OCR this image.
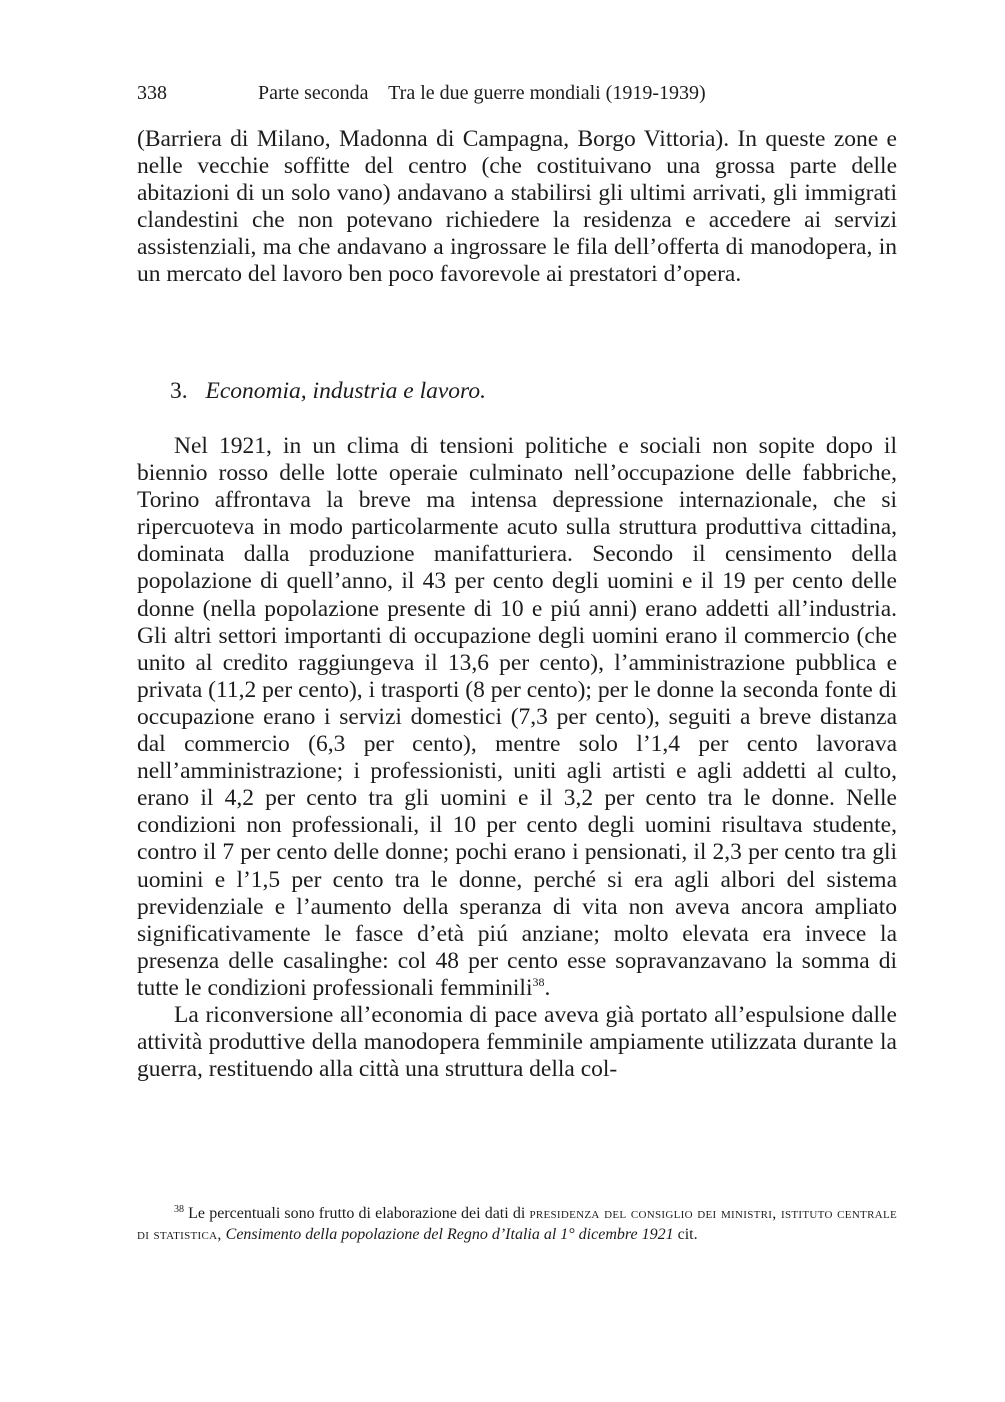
338	Parte seconda    Tra le due guerre mondiali (1919-1939)

(Barriera di Milano, Madonna di Campagna, Borgo Vittoria). In queste zone e nelle vecchie soffitte del centro (che costituivano una grossa parte delle abitazioni di un solo vano) andavano a stabilirsi gli ultimi arrivati, gli immigrati clandestini che non potevano richiedere la residenza e accedere ai servizi assistenziali, ma che andavano a ingrossare le fila dell’offerta di manodopera, in un mercato del lavoro ben poco favorevole ai prestatori d’opera.

3. Economia, industria e lavoro.

Nel 1921, in un clima di tensioni politiche e sociali non sopite dopo il biennio rosso delle lotte operaie culminato nell’occupazione delle fabbriche, Torino affrontava la breve ma intensa depressione internazionale, che si ripercuoteva in modo particolarmente acuto sulla struttura produttiva cittadina, dominata dalla produzione manifatturiera. Secondo il censimento della popolazione di quell’anno, il 43 per cento degli uomini e il 19 per cento delle donne (nella popolazione presente di 10 e piú anni) erano addetti all’industria. Gli altri settori importanti di occupazione degli uomini erano il commercio (che unito al credito raggiungeva il 13,6 per cento), l’amministrazione pubblica e privata (11,2 per cento), i trasporti (8 per cento); per le donne la seconda fonte di occupazione erano i servizi domestici (7,3 per cento), seguiti a breve distanza dal commercio (6,3 per cento), mentre solo l’1,4 per cento lavorava nell’amministrazione; i professionisti, uniti agli artisti e agli addetti al culto, erano il 4,2 per cento tra gli uomini e il 3,2 per cento tra le donne. Nelle condizioni non professionali, il 10 per cento degli uomini risultava studente, contro il 7 per cento delle donne; pochi erano i pensionati, il 2,3 per cento tra gli uomini e l’1,5 per cento tra le donne, perché si era agli albori del sistema previdenziale e l’aumento della speranza di vita non aveva ancora ampliato significativamente le fasce d’età piú anziane; molto elevata era invece la presenza delle casalinghe: col 48 per cento esse sopravanzavano la somma di tutte le condizioni professionali femminili$^{38}$.

La riconversione all’economia di pace aveva già portato all’espulsione dalle attività produttive della manodopera femminile ampiamente utilizzata durante la guerra, restituendo alla città una struttura della col-

$^{38}$ Le percentuali sono frutto di elaborazione dei dati di presidenza del consiglio dei ministri, istituto centrale di statistica, Censimento della popolazione del Regno d’Italia al 1° dicembre 1921 cit.
